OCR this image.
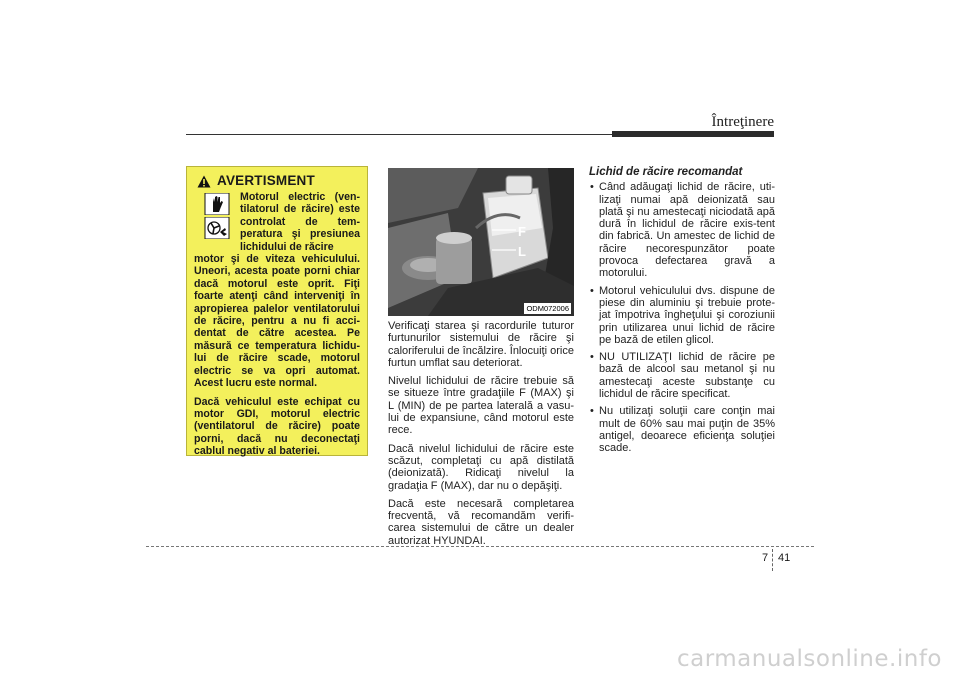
Întreţinere
AVERTISMENT
Motorul electric (ven-tilatorul de răcire) este controlat de tem-peratura şi presiunea lichidului de răcire

motor şi de viteza vehiculului. Uneori, acesta poate porni chiar dacă motorul este oprit. Fiţi foarte atenţi când interveniţi în apropierea palelor ventilatorului de răcire, pentru a nu fi acci-dentat de către acestea. Pe măsură ce temperatura lichidu-lui de răcire scade, motorul electric se va opri automat. Acest lucru este normal.

Dacă vehiculul este echipat cu motor GDI, motorul electric (ventilatorul de răcire) poate porni, dacă nu deconectaţi cablul negativ al bateriei.

F
L
ODM072006

Verificaţi starea şi racordurile tuturor furtunurilor sistemului de răcire şi caloriferului de încălzire. Înlocuiţi orice furtun umflat sau deteriorat.

Nivelul lichidului de răcire trebuie să se situeze între gradaţiile F (MAX) şi L (MIN) de pe partea laterală a vasu-lui de expansiune, când motorul este rece.

Dacă nivelul lichidului de răcire este scăzut, completaţi cu apă distilată (deionizată). Ridicaţi nivelul la gradaţia F (MAX), dar nu o depăşiţi.

Dacă este necesară completarea frecventă, vă recomandăm verifi-carea sistemului de către un dealer autorizat HYUNDAI.

Lichid de răcire recomandat
• Când adăugaţi lichid de răcire, uti-lizaţi numai apă deionizată sau plată şi nu amestecaţi niciodată apă dură în lichidul de răcire exis-tent din fabrică. Un amestec de lichid de răcire necorespunzător poate provoca defectarea gravă a motorului.
• Motorul vehiculului dvs. dispune de piese din aluminiu şi trebuie prote-jat împotriva îngheţului şi coroziunii prin utilizarea unui lichid de răcire pe bază de etilen glicol.
• NU UTILIZAŢI lichid de răcire pe bază de alcool sau metanol şi nu amestecaţi aceste substanţe cu lichidul de răcire specificat.
• Nu utilizaţi soluţii care conţin mai mult de 60% sau mai puţin de 35% antigel, deoarece eficienţa soluţiei scade.
7 41
carmanualsonline.info
